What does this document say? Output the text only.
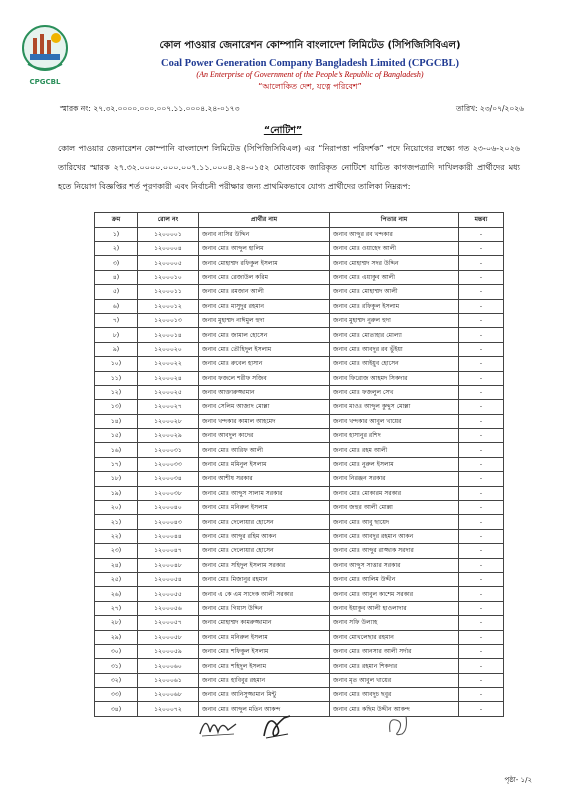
CPGCBL
কোল পাওয়ার জেনারেশন কোম্পানি বাংলাদেশ লিমিটেড (সিপিজিসিবিএল)
Coal Power Generation Company Bangladesh Limited (CPGCBL)
(An Enterprise of Government of the People’s Republic of Bangladesh)
“আলোকিত দেশ, যত্নে পরিবেশ”
স্মারক নং: ২৭.৩২.০০০০.০০০.০০৭.১১.০০০৪.২৪-০১৭৩	তারিখ: ২৩/০৭/২০২৬
“নোটিশ”
কোল পাওয়ার জেনারেশন কোম্পানি বাংলাদেশ লিমিটেড (সিপিজিসিবিএল) এর “নিরাপত্তা পরিদর্শক” পদে নিয়োগের লক্ষ্যে গত ২৩-০৬-২০২৬ তারিখের স্মারক ২৭.৩২.০০০০.০০০.০০৭.১১.০০০৪.২৪-০১৫২ মোতাবেক জারিকৃত নোটিশে যাচিত কাগজপত্রাদি দাখিলকারী প্রার্থীদের মধ্য হতে নিয়োগ বিজ্ঞপ্তির শর্ত পূরণকারী এবং নির্বাচনী পরীক্ষার জন্য প্রাথমিকভাবে যোগ্য প্রার্থীদের তালিকা নিম্নরূপ:
ক্রম	রোল নং	প্রার্থীর নাম	পিতার নাম	মন্তব্য
১)	১২০০০০১	জনাব নাসির উদ্দিন	জনাব আব্দুর রব খন্দকার	-
২)	১২০০০০৪	জনাব মোঃ আব্দুল হালিম	জনাব মোঃ ওয়াহেদ আলী	-
৩)	১২০০০০৫	জনাব মোহাম্মদ রফিকুল ইসলাম	জনাব মোহাম্মদ সদর উদ্দিন	-
৪)	১২০০০১০	জনাব মোঃ রেজাউল করিম	জনাব মোঃ এয়াকুব আলী	-
৫)	১২০০০১১	জনাব মোঃ রমজান আলী	জনাব মোঃ মোহাম্মদ আলী	-
৬)	১২০০০১২	জনাব মোঃ মাসুদুর রহমান	জনাব মোঃ রফিকুল ইসলাম	-
৭)	১২০০০১৩	জনাব মুহাম্মদ নাঈমুল হুদা	জনাব মুহাম্মদ নুরুল হুদা	-
৮)	১২০০০১৪	জনাব মোঃ জামাল হোসেন	জনাব মোঃ মোতাহার মোল্যা	-
৯)	১২০০০২০	জনাব মোঃ তৌহিদুল ইসলাম	জনাব মোঃ আবদুর রব ভুঁইয়া	-
১০)	১২০০০২২	জনাব মোঃ রুবেল হাসান	জনাব মোঃ আইয়ুব হোসেন	-
১১)	১২০০০২৪	জনাব ফজলে শরীফ সজিব	জনাব ফিরোজ আহমদ সিকদার	-
১২)	১২০০০২৫	জনাব আক্তারুজ্জামান	জনাব মোঃ ফজলুল সেখ	-
১৩)	১২০০০২৭	জনাব সেলিম আজাদ মোল্লা	জনাব মাওঃ আব্দুল কুদ্দুস মোল্লা	-
১৪)	১২০০০২৮	জনাব খন্দকার কামাল আহমেদ	জনাব খন্দকার আবুল খায়ের	-
১৫)	১২০০০২৯	জনাব আবদুল কাদের	জনাব হাসানুর রশিদ	-
১৬)	১২০০০৩১	জনাব মোঃ আরিফ আলী	জনাব মোঃ রহম আলী	-
১৭)	১২০০০৩৩	জনাব মোঃ মমিনুল ইসলাম	জনাব মোঃ নুরুল ইসলাম	-
১৮)	১২০০০৩৪	জনাব আশীষ সরকার	জনাব নিরঞ্জন সরকার	-
১৯)	১২০০০৩৮	জনাব মোঃ আব্দুস সালাম সরকার	জনাব মোঃ মোকারম সরকার	-
২০)	১২০০০৪০	জনাব মোঃ মনিরুল ইসলাম	জনাব জহুর আলী মোল্লা	-
২১)	১২০০০৪৩	জনাব মোঃ দেলোয়ার হোসেন	জনাব মোঃ আবু ছায়েদ	-
২২)	১২০০০৪৪	জনাব মোঃ আব্দুর রহিম আকন	জনাব মোঃ আবদুর রহমান আকন	-
২৩)	১২০০০৪৭	জনাব মোঃ দেলোয়ার হোসেন	জনাব মোঃ আব্দুর রাজ্জাক সরদার	-
২৪)	১২০০০৪৮	জনাব মোঃ সহিদুল ইসলাম সরকার	জনাব আব্দুস সাত্তার সরকার	-
২৫)	১২০০০৫৪	জনাব মোঃ মিজানুর রহমান	জনাব মোঃ আলিম উদ্দীন	-
২৬)	১২০০০৫৫	জনাব এ কে এম সাদেক আলী সরকার	জনাব মোঃ আবুল কাশেম সরকার	-
২৭)	১২০০০৫৬	জনাব মোঃ গিয়াস উদ্দিন	জনাব ইয়াকুব আলী হাওলাদার	-
২৮)	১২০০০৫৭	জনাব মোহাম্মদ কামরুজ্জামান	জনাব সফি উল্যাহ	-
২৯)	১২০০০৫৮	জনাব মোঃ মনিরুল ইসলাম	জনাব মোখলেছার রহমান	-
৩০)	১২০০০৫৯	জনাব মোঃ শফিকুল ইসলাম	জনাব মোঃ আনসার আলী সর্দার	-
৩১)	১২০০০৬০	জনাব মোঃ শহিদুল ইসলাম	জনাব মোঃ রহমান শিকদার	-
৩২)	১২০০০৬১	জনাব মোঃ হাবিবুর রহমান	জনাব মৃত আবুল খায়ের	-
৩৩)	১২০০০৬৮	জনাব মোঃ আনিসুজ্জামান মিন্টু	জনাব মোঃ আবদুচ ছবুর	-
৩৪)	১২০০০৭২	জনাব মোঃ আব্দুল মতিন আকন্দ	জনাব মোঃ কছিম উদ্দীন আকন্দ	-
পৃষ্ঠা- ১/২
